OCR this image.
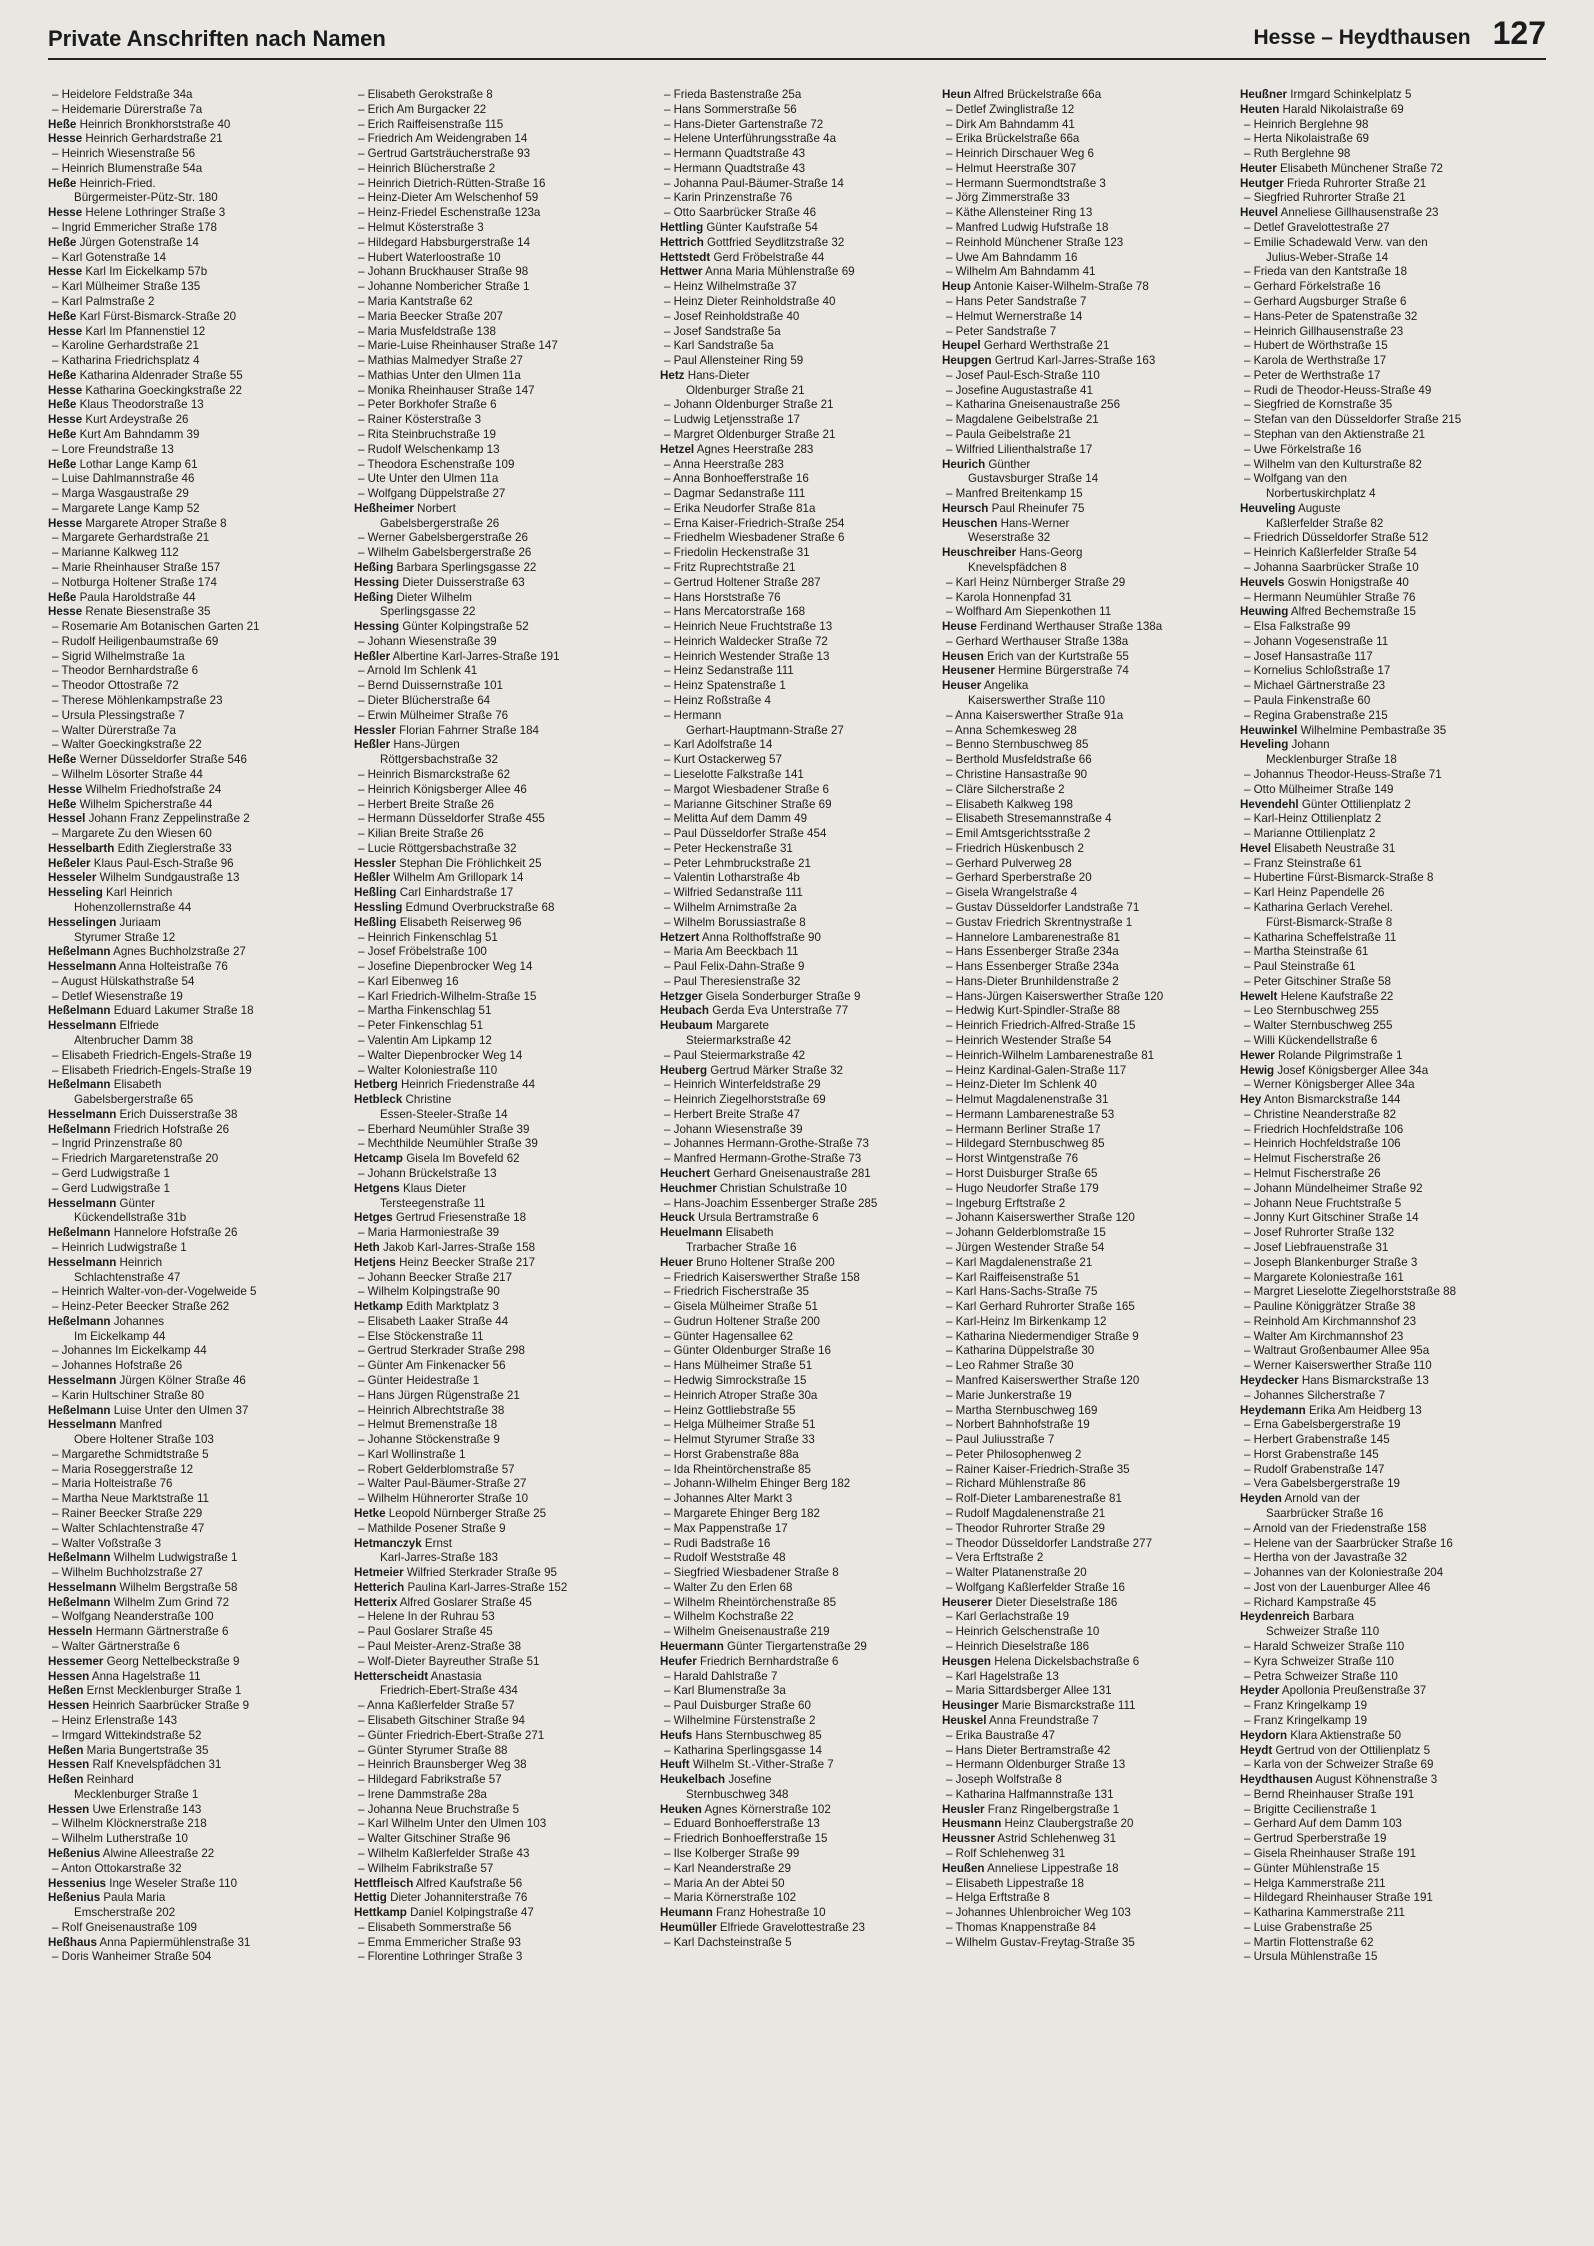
Private Anschriften nach Namen	Hesse – Heydthausen 127
– Heidelore Feldstraße 34a
– Heidemarie Dürerstraße 7a
Heße Heinrich Bronkhorststraße 40
Hesse Heinrich Gerhardstraße 21
– Heinrich Wiesenstraße 56
– Heinrich Blumenstraße 54a
Heße Heinrich-Fried.
Bürgermeister-Pütz-Str. 180
Hesse Helene Lothringer Straße 3
– Ingrid Emmericher Straße 178
Heße Jürgen Gotenstraße 14
– Karl Gotenstraße 14
Hesse Karl Im Eickelkamp 57b
– Karl Mülheimer Straße 135
– Karl Palmstraße 2
Heße Karl Fürst-Bismarck-Straße 20
Hesse Karl Im Pfannenstiel 12
– Karoline Gerhardstraße 21
– Katharina Friedrichsplatz 4
Heße Katharina Aldenrader Straße 55
Hesse Katharina Goeckingkstraße 22
Heße Klaus Theodorstraße 13
Hesse Kurt Ardeystraße 26
Heße Kurt Am Bahndamm 39
– Lore Freundstraße 13
Heße Lothar Lange Kamp 61
– Luise Dahlmannstraße 46
– Marga Wasgaustraße 29
– Margarete Lange Kamp 52
Hesse Margarete Atroper Straße 8
– Margarete Gerhardstraße 21
– Marianne Kalkweg 112
– Marie Rheinhauser Straße 157
– Notburga Holtener Straße 174
Heße Paula Haroldstraße 44
Hesse Renate Biesenstraße 35
– Rosemarie Am Botanischen Garten 21
– Rudolf Heiligenbaumstraße 69
– Sigrid Wilhelmstraße 1a
– Theodor Bernhardstraße 6
– Theodor Ottostraße 72
– Therese Möhlenkampstraße 23
– Ursula Plessingstraße 7
– Walter Dürerstraße 7a
– Walter Goeckingkstraße 22
Heße Werner Düsseldorfer Straße 546
– Wilhelm Lösorter Straße 44
Hesse Wilhelm Friedhofstraße 24
Heße Wilhelm Spicherstraße 44
Hessel Johann Franz Zeppelinstraße 2
– Margarete Zu den Wiesen 60
Hesselbarth Edith Zieglerstraße 33
Heßeler Klaus Paul-Esch-Straße 96
Hesseler Wilhelm Sundgaustraße 13
Hesseling Karl Heinrich
Hohenzollernstraße 44
Hesselingen Juriaam
Styrumer Straße 12
Heßelmann Agnes Buchholzstraße 27
Hesselmann Anna Holteistraße 76
– August Hülskathstraße 54
– Detlef Wiesenstraße 19
Heßelmann Eduard Lakumer Straße 18
Hesselmann Elfriede
Altenbrucher Damm 38
– Elisabeth Friedrich-Engels-Straße 19
– Elisabeth Friedrich-Engels-Straße 19
Heßelmann Elisabeth
Gabelsbergerstraße 65
Hesselmann Erich Duisserstraße 38
Heßelmann Friedrich Hofstraße 26
– Ingrid Prinzenstraße 80
– Friedrich Margaretenstraße 20
– Gerd Ludwigstraße 1
– Gerd Ludwigstraße 1
Hesselmann Günter
Kückendellstraße 31b
Heßelmann Hannelore Hofstraße 26
– Heinrich Ludwigstraße 1
Hesselmann Heinrich
Schlachtenstraße 47
– Heinrich Walter-von-der-Vogelweide 5
– Heinz-Peter Beecker Straße 262
Heßelmann Johannes
Im Eickelkamp 44
– Johannes Im Eickelkamp 44
– Johannes Hofstraße 26
Hesselmann Jürgen Kölner Straße 46
– Karin Hultschiner Straße 80
Heßelmann Luise Unter den Ulmen 37
Hesselmann Manfred
Obere Holtener Straße 103
– Margarethe Schmidtstraße 5
– Maria Roseggerstraße 12
– Maria Holteistraße 76
– Martha Neue Marktstraße 11
– Rainer Beecker Straße 229
– Walter Schlachtenstraße 47
– Walter Voßstraße 3
Heßelmann Wilhelm Ludwigstraße 1
– Wilhelm Buchholzstraße 27
Hesselmann Wilhelm Bergstraße 58
Heßelmann Wilhelm Zum Grind 72
– Wolfgang Neanderstraße 100
Hesseln Hermann Gärtnerstraße 6
– Walter Gärtnerstraße 6
Hessemer Georg Nettelbeckstraße 9
Hessen Anna Hagelstraße 11
Heßen Ernst Mecklenburger Straße 1
Hessen Heinrich Saarbrücker Straße 9
– Heinz Erlenstraße 143
– Irmgard Wittekindstraße 52
Heßen Maria Bungertstraße 35
Hessen Ralf Knevelspfädchen 31
Heßen Reinhard
Mecklenburger Straße 1
Hessen Uwe Erlenstraße 143
– Wilhelm Klöcknerstraße 218
– Wilhelm Lutherstraße 10
Heßenius Alwine Alleestraße 22
– Anton Ottokarstraße 32
Hessenius Inge Weseler Straße 110
Heßenius Paula Maria
Emscherstraße 202
– Rolf Gneisenaustraße 109
Heßhaus Anna Papiermühlenstraße 31
– Doris Wanheimer Straße 504
– Elisabeth Gerokstraße 8
– Erich Am Burgacker 22
– Erich Raiffeisenstraße 115
– Friedrich Am Weidengraben 14
– Gertrud Gartsträucherstraße 93
– Heinrich Blücherstraße 2
– Heinrich Dietrich-Rütten-Straße 16
– Heinz-Dieter Am Welschenhof 59
– Heinz-Friedel Eschenstraße 123a
– Helmut Kösterstraße 3
– Hildegard Habsburgerstraße 14
– Hubert Waterloostraße 10
– Johann Bruckhauser Straße 98
– Johanne Nombericher Straße 1
– Maria Kantstraße 62
– Maria Beecker Straße 207
– Maria Musfeldstraße 138
– Marie-Luise Rheinhauser Straße 147
– Mathias Malmedyer Straße 27
– Mathias Unter den Ulmen 11a
– Monika Rheinhauser Straße 147
– Peter Borkhofer Straße 6
– Rainer Kösterstraße 3
– Rita Steinbruchstraße 19
– Rudolf Welschenkamp 13
– Theodora Eschenstraße 109
– Ute Unter den Ulmen 11a
– Wolfgang Düppelstraße 27
Heßheimer Norbert
Gabelsbergerstraße 26
– Werner Gabelsbergerstraße 26
– Wilhelm Gabelsbergerstraße 26
Heßing Barbara Sperlingsgasse 22
Hessing Dieter Duisserstraße 63
Heßing Dieter Wilhelm
Sperlingsgasse 22
Hessing Günter Kolpingstraße 52
– Johann Wiesenstraße 39
Heßler Albertine Karl-Jarres-Straße 191
– Arnold Im Schlenk 41
– Bernd Duissernstraße 101
– Dieter Blücherstraße 64
– Erwin Mülheimer Straße 76
Hessler Florian Fahrner Straße 184
Heßler Hans-Jürgen
Röttgersbachstraße 32
– Heinrich Bismarckstraße 62
– Heinrich Königsberger Allee 46
– Herbert Breite Straße 26
– Hermann Düsseldorfer Straße 455
– Kilian Breite Straße 26
– Lucie Röttgersbachstraße 32
Hessler Stephan Die Fröhlichkeit 25
Heßler Wilhelm Am Grillopark 14
Heßling Carl Einhardstraße 17
Hessling Edmund Overbruckstraße 68
Heßling Elisabeth Reiserweg 96
– Heinrich Finkenschlag 51
– Josef Fröbelstraße 100
– Josefine Diepenbrocker Weg 14
– Karl Eibenweg 16
– Karl Friedrich-Wilhelm-Straße 15
– Martha Finkenschlag 51
– Peter Finkenschlag 51
– Valentin Am Lipkamp 12
– Walter Diepenbrocker Weg 14
– Walter Koloniestraße 110
Hetberg Heinrich Friedenstraße 44
Hetbleck Christine
Essen-Steeler-Straße 14
– Eberhard Neumühler Straße 39
– Mechthilde Neumühler Straße 39
Hetcamp Gisela Im Bovefeld 62
– Johann Brückelstraße 13
Hetgens Klaus Dieter
Tersteegenstraße 11
Hetges Gertrud Friesenstraße 18
– Maria Harmoniestraße 39
Heth Jakob Karl-Jarres-Straße 158
Hetjens Heinz Beecker Straße 217
– Johann Beecker Straße 217
– Wilhelm Kolpingstraße 90
Hetkamp Edith Marktplatz 3
– Elisabeth Laaker Straße 44
– Else Stöckenstraße 11
– Gertrud Sterkrader Straße 298
– Günter Am Finkenacker 56
– Günter Heidestraße 1
– Hans Jürgen Rügenstraße 21
– Heinrich Albrechtstraße 38
– Helmut Bremenstraße 18
– Johanne Stöckenstraße 9
– Karl Wollinstraße 1
– Robert Gelderblomstraße 57
– Walter Paul-Bäumer-Straße 27
– Wilhelm Hühnerorter Straße 10
Hetke Leopold Nürnberger Straße 25
– Mathilde Posener Straße 9
Hetmanczyk Ernst
Karl-Jarres-Straße 183
Hetmeier Wilfried Sterkrader Straße 95
Hetterich Paulina Karl-Jarres-Straße 152
Hetterix Alfred Goslarer Straße 45
– Helene In der Ruhrau 53
– Paul Goslarer Straße 45
– Paul Meister-Arenz-Straße 38
– Wolf-Dieter Bayreuther Straße 51
Hetterscheidt Anastasia
Friedrich-Ebert-Straße 434
– Anna Kaßlerfelder Straße 57
– Elisabeth Gitschiner Straße 94
– Günter Friedrich-Ebert-Straße 271
– Günter Styrumer Straße 88
– Heinrich Braunsberger Weg 38
– Hildegard Fabrikstraße 57
– Irene Dammstraße 28a
– Johanna Neue Bruchstraße 5
– Karl Wilhelm Unter den Ulmen 103
– Walter Gitschiner Straße 96
– Wilhelm Kaßlerfelder Straße 43
– Wilhelm Fabrikstraße 57
Hettfleisch Alfred Kaufstraße 56
Hettig Dieter Johanniterstraße 76
Hettkamp Daniel Kolpingstraße 47
– Elisabeth Sommerstraße 56
– Emma Emmericher Straße 93
– Florentine Lothringer Straße 3
– Frieda Bastenstraße 25a
– Hans Sommerstraße 56
– Hans-Dieter Gartenstraße 72
– Helene Unterführungsstraße 4a
– Hermann Quadtstraße 43
– Hermann Quadtstraße 43
– Johanna Paul-Bäumer-Straße 14
– Karin Prinzenstraße 76
– Otto Saarbrücker Straße 46
Hettling Günter Kaufstraße 54
Hettrich Gottfried Seydlitzstraße 32
Hettstedt Gerd Fröbelstraße 44
Hettwer Anna Maria Mühlenstraße 69
– Heinz Wilhelmstraße 37
– Heinz Dieter Reinholdstraße 40
– Josef Reinholdstraße 40
– Josef Sandstraße 5a
– Karl Sandstraße 5a
– Paul Allensteiner Ring 59
Hetz Hans-Dieter
Oldenburger Straße 21
– Johann Oldenburger Straße 21
– Ludwig Letjensstraße 17
– Margret Oldenburger Straße 21
Hetzel Agnes Heerstraße 283
– Anna Heerstraße 283
– Anna Bonhoefferstraße 16
– Dagmar Sedanstraße 111
– Erika Neudorfer Straße 81a
– Erna Kaiser-Friedrich-Straße 254
– Friedhelm Wiesbadener Straße 6
– Friedolin Heckenstraße 31
– Fritz Ruprechtstraße 21
– Gertrud Holtener Straße 287
– Hans Horststraße 76
– Hans Mercatorstraße 168
– Heinrich Neue Fruchtstraße 13
– Heinrich Waldecker Straße 72
– Heinrich Westender Straße 13
– Heinz Sedanstraße 111
– Heinz Spatenstraße 1
– Heinz Roßstraße 4
– Hermann
Gerhart-Hauptmann-Straße 27
– Karl Adolfstraße 14
– Kurt Ostackerweg 57
– Lieselotte Falkstraße 141
– Margot Wiesbadener Straße 6
– Marianne Gitschiner Straße 69
– Melitta Auf dem Damm 49
– Paul Düsseldorfer Straße 454
– Peter Heckenstraße 31
– Peter Lehmbruckstraße 21
– Valentin Lotharstraße 4b
– Wilfried Sedanstraße 111
– Wilhelm Arnimstraße 2a
– Wilhelm Borussiastraße 8
Hetzert Anna Rolthoffstraße 90
– Maria Am Beeckbach 11
– Paul Felix-Dahn-Straße 9
– Paul Theresienstraße 32
Hetzger Gisela Sonderburger Straße 9
Heubach Gerda Eva Unterstraße 77
Heubaum Margarete
Steiermarkstraße 42
– Paul Steiermarkstraße 42
Heuberg Gertrud Märker Straße 32
– Heinrich Winterfeldstraße 29
– Heinrich Ziegelhorststraße 69
– Herbert Breite Straße 47
– Johann Wiesenstraße 39
– Johannes Hermann-Grothe-Straße 73
– Manfred Hermann-Grothe-Straße 73
Heuchert Gerhard Gneisenaustraße 281
Heuchmer Christian Schulstraße 10
– Hans-Joachim Essenberger Straße 285
Heuck Ursula Bertramstraße 6
Heuelmann Elisabeth
Trarbacher Straße 16
Heuer Bruno Holtener Straße 200
– Friedrich Kaiserswerther Straße 158
– Friedrich Fischerstraße 35
– Gisela Mülheimer Straße 51
– Gudrun Holtener Straße 200
– Günter Hagensallee 62
– Günter Oldenburger Straße 16
– Hans Mülheimer Straße 51
– Hedwig Simrockstraße 15
– Heinrich Atroper Straße 30a
– Heinz Gottliebstraße 55
– Helga Mülheimer Straße 51
– Helmut Styrumer Straße 33
– Horst Grabenstraße 88a
– Ida Rheintörchenstraße 85
– Johann-Wilhelm Ehinger Berg 182
– Johannes Alter Markt 3
– Margarete Ehinger Berg 182
– Max Pappenstraße 17
– Rudi Badstraße 16
– Rudolf Weststraße 48
– Siegfried Wiesbadener Straße 8
– Walter Zu den Erlen 68
– Wilhelm Rheintörchenstraße 85
– Wilhelm Kochstraße 22
– Wilhelm Gneisenaustraße 219
Heuermann Günter Tiergartenstraße 29
Heufer Friedrich Bernhardstraße 6
– Harald Dahlstraße 7
– Karl Blumenstraße 3a
– Paul Duisburger Straße 60
– Wilhelmine Fürstenstraße 2
Heufs Hans Sternbuschweg 85
– Katharina Sperlingsgasse 14
Heuft Wilhelm St.-Vither-Straße 7
Heukelbach Josefine
Sternbuschweg 348
Heuken Agnes Körnerstraße 102
– Eduard Bonhoefferstraße 13
– Friedrich Bonhoefferstraße 15
– Ilse Kolberger Straße 99
– Karl Neanderstraße 29
– Maria An der Abtei 50
– Maria Körnerstraße 102
Heumann Franz Hohestraße 10
Heumüller Elfriede Gravelottestraße 23
– Karl Dachsteinstraße 5
Heun Alfred Brückelstraße 66a
– Detlef Zwinglistraße 12
– Dirk Am Bahndamm 41
– Erika Brückelstraße 66a
– Heinrich Dirschauer Weg 6
– Helmut Heerstraße 307
– Hermann Suermondtstraße 3
– Jörg Zimmerstraße 33
– Käthe Allensteiner Ring 13
– Manfred Ludwig Hufstraße 18
– Reinhold Münchener Straße 123
– Uwe Am Bahndamm 16
– Wilhelm Am Bahndamm 41
Heup Antonie Kaiser-Wilhelm-Straße 78
– Hans Peter Sandstraße 7
– Helmut Wernerstraße 14
– Peter Sandstraße 7
Heupel Gerhard Werthstraße 21
Heupgen Gertrud Karl-Jarres-Straße 163
– Josef Paul-Esch-Straße 110
– Josefine Augustastraße 41
– Katharina Gneisenaustraße 256
– Magdalene Geibelstraße 21
– Paula Geibelstraße 21
– Wilfried Lilienthalstraße 17
Heurich Günther
Gustavsburger Straße 14
– Manfred Breitenkamp 15
Heursch Paul Rheinufer 75
Heuschen Hans-Werner
Weserstraße 32
Heuschreiber Hans-Georg
Knevelspfädchen 8
– Karl Heinz Nürnberger Straße 29
– Karola Honnenpfad 31
– Wolfhard Am Siepenkothen 11
Heuse Ferdinand Werthauser Straße 138a
– Gerhard Werthauser Straße 138a
Heusen Erich van der Kurtstraße 55
Heusener Hermine Bürgerstraße 74
Heuser Angelika
Kaiserswerther Straße 110
– Anna Kaiserswerther Straße 91a
– Anna Schemkesweg 28
– Benno Sternbuschweg 85
– Berthold Musfeldstraße 66
– Christine Hansastraße 90
– Cläre Silcherstraße 2
– Elisabeth Kalkweg 198
– Elisabeth Stresemannstraße 4
– Emil Amtsgerichtsstraße 2
– Friedrich Hüskenbusch 2
– Gerhard Pulverweg 28
– Gerhard Sperberstraße 20
– Gisela Wrangelstraße 4
– Gustav Düsseldorfer Landstraße 71
– Gustav Friedrich Skrentnystraße 1
– Hannelore Lambarenestraße 81
– Hans Essenberger Straße 234a
– Hans Essenberger Straße 234a
– Hans-Dieter Brunhildenstraße 2
– Hans-Jürgen Kaiserswerther Straße 120
– Hedwig Kurt-Spindler-Straße 88
– Heinrich Friedrich-Alfred-Straße 15
– Heinrich Westender Straße 54
– Heinrich-Wilhelm Lambarenestraße 81
– Heinz Kardinal-Galen-Straße 117
– Heinz-Dieter Im Schlenk 40
– Helmut Magdalenenstraße 31
– Hermann Lambarenestraße 53
– Hermann Berliner Straße 17
– Hildegard Sternbuschweg 85
– Horst Wintgenstraße 76
– Horst Duisburger Straße 65
– Hugo Neudorfer Straße 179
– Ingeburg Erftstraße 2
– Johann Kaiserswerther Straße 120
– Johann Gelderblomstraße 15
– Jürgen Westender Straße 54
– Karl Magdalenenstraße 21
– Karl Raiffeisenstraße 51
– Karl Hans-Sachs-Straße 75
– Karl Gerhard Ruhrorter Straße 165
– Karl-Heinz Im Birkenkamp 12
– Katharina Niedermendiger Straße 9
– Katharina Düppelstraße 30
– Leo Rahmer Straße 30
– Manfred Kaiserswerther Straße 120
– Marie Junkerstraße 19
– Martha Sternbuschweg 169
– Norbert Bahnhofstraße 19
– Paul Juliusstraße 7
– Peter Philosophenweg 2
– Rainer Kaiser-Friedrich-Straße 35
– Richard Mühlenstraße 86
– Rolf-Dieter Lambarenestraße 81
– Rudolf Magdalenenstraße 21
– Theodor Ruhrorter Straße 29
– Theodor Düsseldorfer Landstraße 277
– Vera Erftstraße 2
– Walter Platanenstraße 20
– Wolfgang Kaßlerfelder Straße 16
Heuserer Dieter Dieselstraße 186
– Karl Gerlachstraße 19
– Heinrich Gelschenstraße 10
– Heinrich Dieselstraße 186
Heusgen Helena Dickelsbachstraße 6
– Karl Hagelstraße 13
– Maria Sittardsberger Allee 131
Heusinger Marie Bismarckstraße 111
Heuskel Anna Freundstraße 7
– Erika Baustraße 47
– Hans Dieter Bertramstraße 42
– Hermann Oldenburger Straße 13
– Joseph Wolfstraße 8
– Katharina Halfmannstraße 131
Heusler Franz Ringelbergstraße 1
Heusmann Heinz Claubergstraße 20
Heussner Astrid Schlehenweg 31
– Rolf Schlehenweg 31
Heußen Anneliese Lippestraße 18
– Elisabeth Lippestraße 18
– Helga Erftstraße 8
– Johannes Uhlenbroicher Weg 103
– Thomas Knappenstraße 84
– Wilhelm Gustav-Freytag-Straße 35
Heußner Irmgard Schinkelplatz 5
Heuten Harald Nikolaistraße 69
– Heinrich Berglehne 98
– Herta Nikolaistraße 69
– Ruth Berglehne 98
Heuter Elisabeth Münchener Straße 72
Heutger Frieda Ruhrorter Straße 21
– Siegfried Ruhrorter Straße 21
Heuvel Anneliese Gillhausenstraße 23
– Detlef Gravelottestraße 27
– Emilie Schadewald Verw. van den
Julius-Weber-Straße 14
– Frieda van den Kantstraße 18
– Gerhard Förkelstraße 16
– Gerhard Augsburger Straße 6
– Hans-Peter de Spatenstraße 32
– Heinrich Gillhausenstraße 23
– Hubert de Wörthstraße 15
– Karola de Werthstraße 17
– Peter de Werthstraße 17
– Rudi de Theodor-Heuss-Straße 49
– Siegfried de Kornstraße 35
– Stefan van den Düsseldorfer Straße 215
– Stephan van den Aktienstraße 21
– Uwe Förkelstraße 16
– Wilhelm van den Kulturstraße 82
– Wolfgang van den
Norbertuskirchplatz 4
Heuveling Auguste
Kaßlerfelder Straße 82
– Friedrich Düsseldorfer Straße 512
– Heinrich Kaßlerfelder Straße 54
– Johanna Saarbrücker Straße 10
Heuvels Goswin Honigstraße 40
– Hermann Neumühler Straße 76
Heuwing Alfred Bechemstraße 15
– Elsa Falkstraße 99
– Johann Vogesenstraße 11
– Josef Hansastraße 117
– Kornelius Schloßstraße 17
– Michael Gärtnerstraße 23
– Paula Finkenstraße 60
– Regina Grabenstraße 215
Heuwinkel Wilhelmine Pembastraße 35
Heveling Johann
Mecklenburger Straße 18
– Johannus Theodor-Heuss-Straße 71
– Otto Mülheimer Straße 149
Hevendehl Günter Ottilienplatz 2
– Karl-Heinz Ottilienplatz 2
– Marianne Ottilienplatz 2
Hevel Elisabeth Neustraße 31
– Franz Steinstraße 61
– Hubertine Fürst-Bismarck-Straße 8
– Karl Heinz Papendelle 26
– Katharina Gerlach Verehel.
Fürst-Bismarck-Straße 8
– Katharina Scheffelstraße 11
– Martha Steinstraße 61
– Paul Steinstraße 61
– Peter Gitschiner Straße 58
Hewelt Helene Kaufstraße 22
– Leo Sternbuschweg 255
– Walter Sternbuschweg 255
– Willi Kückendellstraße 6
Hewer Rolande Pilgrimstraße 1
Hewig Josef Königsberger Allee 34a
– Werner Königsberger Allee 34a
Hey Anton Bismarckstraße 144
– Christine Neanderstraße 82
– Friedrich Hochfeldstraße 106
– Heinrich Hochfeldstraße 106
– Helmut Fischerstraße 26
– Helmut Fischerstraße 26
– Johann Mündelheimer Straße 92
– Johann Neue Fruchtstraße 5
– Jonny Kurt Gitschiner Straße 14
– Josef Ruhrorter Straße 132
– Josef Liebfrauenstraße 31
– Joseph Blankenburger Straße 3
– Margarete Koloniestraße 161
– Margret Lieselotte Ziegelhorststraße 88
– Pauline Königgrätzer Straße 38
– Reinhold Am Kirchmannshof 23
– Walter Am Kirchmannshof 23
– Waltraut Großenbaumer Allee 95a
– Werner Kaiserswerther Straße 110
Heydecker Hans Bismarckstraße 13
– Johannes Silcherstraße 7
Heydemann Erika Am Heidberg 13
– Erna Gabelsbergerstraße 19
– Herbert Grabenstraße 145
– Horst Grabenstraße 145
– Rudolf Grabenstraße 147
– Vera Gabelsbergerstraße 19
Heyden Arnold van der
Saarbrücker Straße 16
– Arnold van der Friedenstraße 158
– Helene van der Saarbrücker Straße 16
– Hertha von der Javastraße 32
– Johannes van der Koloniestraße 204
– Jost von der Lauenburger Allee 46
– Richard Kampstraße 45
Heydenreich Barbara
Schweizer Straße 110
– Harald Schweizer Straße 110
– Kyra Schweizer Straße 110
– Petra Schweizer Straße 110
Heyder Apollonia Preußenstraße 37
– Franz Kringelkamp 19
– Franz Kringelkamp 19
Heydorn Klara Aktienstraße 50
Heydt Gertrud von der Ottilienplatz 5
– Karla von der Schweizer Straße 69
Heydthausen August Köhnenstraße 3
– Bernd Rheinhauser Straße 191
– Brigitte Cecilienstraße 1
– Gerhard Auf dem Damm 103
– Gertrud Sperberstraße 19
– Gisela Rheinhauser Straße 191
– Günter Mühlenstraße 15
– Helga Kammerstraße 211
– Hildegard Rheinhauser Straße 191
– Katharina Kammerstraße 211
– Luise Grabenstraße 25
– Martin Flottenstraße 62
– Ursula Mühlenstraße 15
